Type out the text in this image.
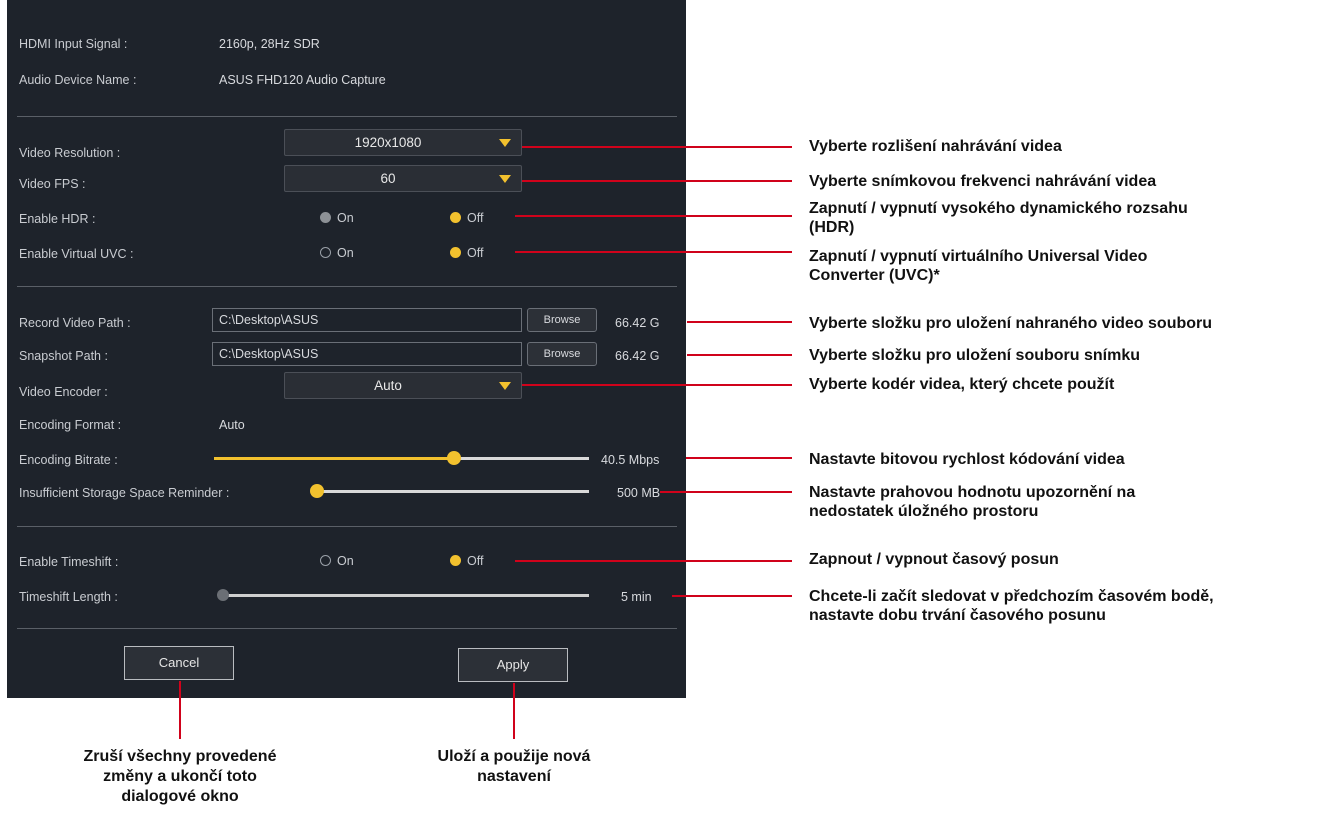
HDMI Input Signal :	2160p, 28Hz SDR
Audio Device Name :	ASUS FHD120 Audio Capture
Video Resolution :
1920x1080
Video FPS :	60
Enable HDR :	On	Off
Enable Virtual UVC :	On	Off
Record Video Path :	C:\Desktop\ASUS	Browse	66.42 G
Snapshot Path :	C:\Desktop\ASUS	Browse	66.42 G
Video Encoder :	Auto
Encoding Format :	Auto
Encoding Bitrate :	40.5 Mbps
Insufficient Storage Space Reminder :	500 MB
Enable Timeshift :	On	Off
Timeshift Length :	5 min
Cancel	Apply
Vyberte rozlišení nahrávání videa
Vyberte snímkovou frekvenci nahrávání videa
Zapnutí / vypnutí vysokého dynamického rozsahu
(HDR)
Zapnutí / vypnutí virtuálního Universal Video
Converter (UVC)*
Vyberte složku pro uložení nahraného video souboru
Vyberte složku pro uložení souboru snímku
Vyberte kodér videa, který chcete použít
Nastavte bitovou rychlost kódování videa
Nastavte prahovou hodnotu upozornění na
nedostatek úložného prostoru
Zapnout / vypnout časový posun
Chcete-li začít sledovat v předchozím časovém bodě,
nastavte dobu trvání časového posunu
Zruší všechny provedené
změny a ukončí toto
dialogové okno
Uloží a použije nová
nastavení
